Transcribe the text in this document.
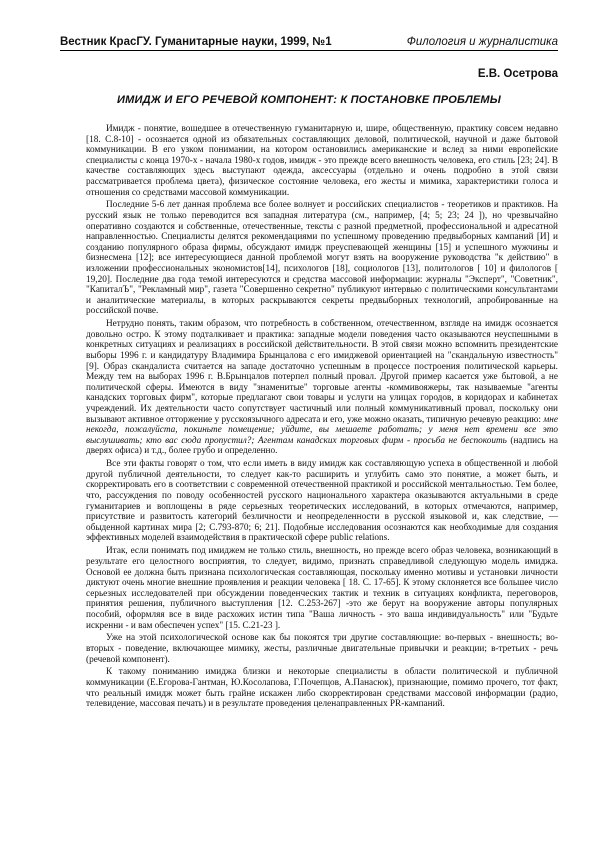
Вестник КрасГУ. Гуманитарные науки, 1999, №1	Филология и журналистика
Е.В. Осетрова
ИМИДЖ И ЕГО РЕЧЕВОЙ КОМПОНЕНТ: К ПОСТАНОВКЕ ПРОБЛЕМЫ

Имидж - понятие, вошедшее в отечественную гуманитарную и, шире, общественную, практику совсем недавно [18. С.8-10] - осознается одной из обязательных составляющих деловой, политической, научной и даже бытовой коммуникации. В его узком понимании, на котором остановились американские и вслед за ними европейские специалисты с конца 1970-х - начала 1980-х годов, имидж - это прежде всего внешность человека, его стиль [23; 24]. В качестве составляющих здесь выступают одежда, аксессуары (отдельно и очень подробно в этой связи рассматривается проблема цвета), физическое состояние человека, его жесты и мимика, характеристики голоса и отношения со средствами массовой коммуникации.

Последние 5-6 лет данная проблема все более волнует и российских специалистов - теоретиков и практиков. На русский язык не только переводится вся западная литература (см., например, [4; 5; 23; 24 ]), но чрезвычайно оперативно создаются и собственные, отечественные, тексты с разной предметной, профессиональной и адресатной направленностью. Специалисты делятся рекомендациями по успешному проведению предвыборных кампаний [И] и созданию популярного образа фирмы, обсуждают имидж преуспевающей женщины [15] и успешного мужчины и бизнесмена [12]; все интересующиеся данной проблемой могут взять на вооружение руководства "к действию" в изложении профессиональных экономистов[14], психологов [18], социологов [13], политологов [ 10] и филологов [ 19,20]. Последние два года темой интересуются и средства массовой информации: журналы "Эксперт", "Советник", "КапиталЪ", "Рекламный мир", газета "Совершенно секретно" публикуют интервью с политическими консультантами и аналитические материалы, в которых раскрываются секреты предвыборных технологий, апробированные на российской почве.

Нетрудно понять, таким образом, что потребность в собственном, отечественном, взгляде на имидж осознается довольно остро. К этому подталкивает и практика: западные модели поведения часто оказываются неуспешными в конкретных ситуациях и реализациях в российской действительности. В этой связи можно вспомнить президентские выборы 1996 г. и кандидатуру Владимира Брынцалова с его имиджевой ориентацией на "скандальную известность" [9]. Образ скандалиста считается на западе достаточно успешным в процессе построения политической карьеры. Между тем на выборах 1996 г. В.Брынцалов потерпел полный провал. Другой пример касается уже бытовой, а не политической сферы. Имеются в виду "знаменитые" торговые агенты -коммивояжеры, так называемые "агенты канадских торговых фирм", которые предлагают свои товары и услуги на улицах городов, в коридорах и кабинетах учреждений. Их деятельности часто сопутствует частичный или полный коммуникативный провал, поскольку они вызывают активное отторжение у русскоязычного адресата и его, уже можно оказать, типичную речевую реакцию: мне некогда, пожалуйста, покиньте помещение; уйдите, вы мешаете работать; у меня нет времени все это выслушивать; кто вас сюда пропустил?; Агентам канадских торговых фирм - просьба не беспокоить (надпись на дверях офиса) и т.д., более грубо и определенно.

Все эти факты говорят о том, что если иметь в виду имидж как составляющую успеха в общественной и любой другой публичной деятельности, то следует как-то расширить и углубить само это понятие, а может быть, и скорректировать его в соответствии с современной отечественной практикой и российской ментальностью. Тем более, что, рассуждения по поводу особенностей русского национального характера оказываются актуальными в среде гуманитариев и воплощены в ряде серьезных теоретических исследований, в которых отмечаются, например, присутствие и развитость категорий безличности и неопределенности в русской языковой и, как следствие, — обыденной картинах мира [2; С.793-870; 6; 21]. Подобные исследования осознаются как необходимые для создания эффективных моделей взаимодействия в практической сфере public relations.

Итак, если понимать под имиджем не только стиль, внешность, но прежде всего образ человека, возникающий в результате его целостного восприятия, то следует, видимо, признать справедливой следующую модель имиджа. Основой ее должна быть признана психологическая составляющая, поскольку именно мотивы и установки личности диктуют очень многие внешние проявления и реакции человека [ 18. С. 17-65]. К этому склоняется все большее число серьезных исследователей при обсуждении поведенческих тактик и техник в ситуациях конфликта, переговоров, принятия решения, публичного выступления [12. С.253-267] -это же берут на вооружение авторы популярных пособий, оформляя все в виде расхожих истин типа "Ваша личность - это ваша индивидуальность" или "Будьте искренни - и вам обеспечен успех" [15. С.21-23 ].

Уже на этой психологической основе как бы покоятся три другие составляющие: во-первых - внешность; во-вторых - поведение, включающее мимику, жесты, различные двигательные привычки и реакции; в-третьих - речь (речевой компонент).

К такому пониманию имиджа близки и некоторые специалисты в области политической и публичной коммуникации (Е.Егорова-Гантман, Ю.Косолапова, Г.Почепцов, А.Панасюк), признающие, помимо прочего, тот факт, что реальный имидж может быть грайне искажен либо скорректирован средствами массовой информации (радио, телевидение, массовая печать) и в результате проведения целенаправленных PR-кампаний.
